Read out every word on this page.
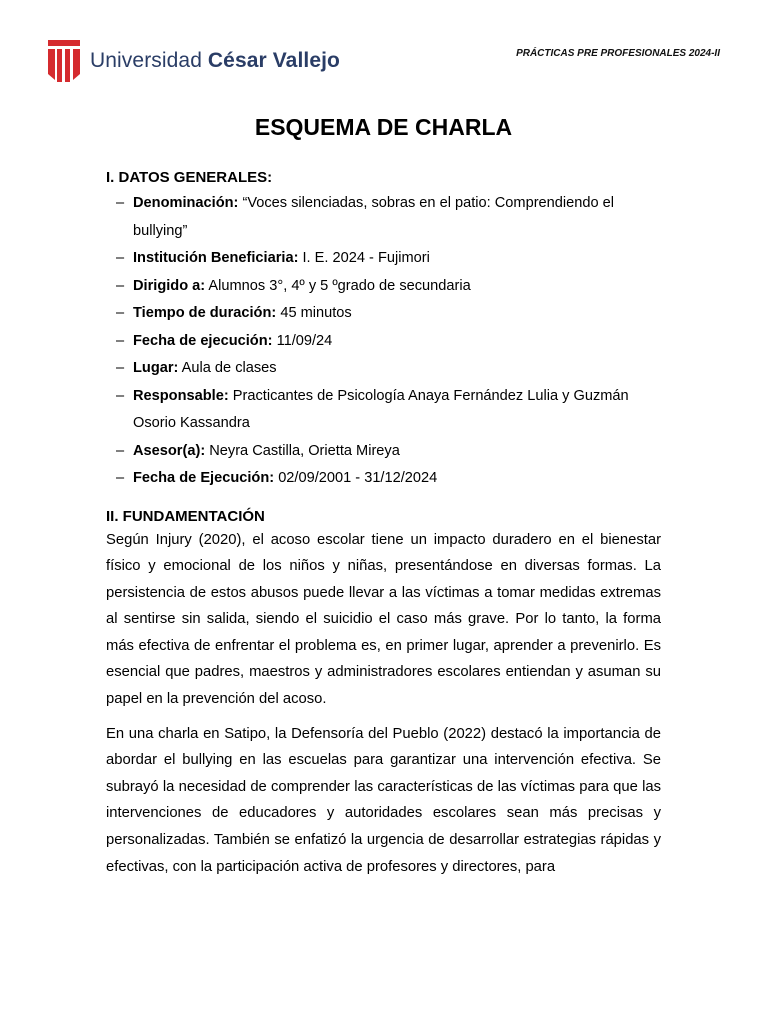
Universidad César Vallejo	PRÁCTICAS PRE PROFESIONALES 2024-II
ESQUEMA DE CHARLA
I. DATOS GENERALES:
– Denominación: “Voces silenciadas, sobras en el patio: Comprendiendo el bullying”
– Institución Beneficiaria: I. E. 2024 - Fujimori
– Dirigido a: Alumnos 3°, 4º y 5 ºgrado de secundaria
– Tiempo de duración: 45 minutos
– Fecha de ejecución: 11/09/24
– Lugar: Aula de clases
– Responsable: Practicantes de Psicología Anaya Fernández Lulia y Guzmán Osorio Kassandra
– Asesor(a): Neyra Castilla, Orietta Mireya
– Fecha de Ejecución: 02/09/2001 - 31/12/2024
II. FUNDAMENTACIÓN

Según Injury (2020), el acoso escolar tiene un impacto duradero en el bienestar físico y emocional de los niños y niñas, presentándose en diversas formas. La persistencia de estos abusos puede llevar a las víctimas a tomar medidas extremas al sentirse sin salida, siendo el suicidio el caso más grave. Por lo tanto, la forma más efectiva de enfrentar el problema es, en primer lugar, aprender a prevenirlo. Es esencial que padres, maestros y administradores escolares entiendan y asuman su papel en la prevención del acoso.

En una charla en Satipo, la Defensoría del Pueblo (2022) destacó la importancia de abordar el bullying en las escuelas para garantizar una intervención efectiva. Se subrayó la necesidad de comprender las características de las víctimas para que las intervenciones de educadores y autoridades escolares sean más precisas y personalizadas. También se enfatizó la urgencia de desarrollar estrategias rápidas y efectivas, con la participación activa de profesores y directores, para
